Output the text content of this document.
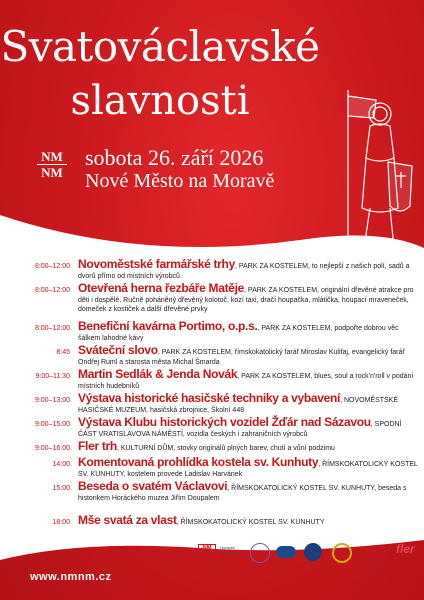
Svatováclavské
slavnosti
NM
NM
sobota 26. září 2026
Nové Město na Moravě
8:00–12:00 Novoměstské farmářské trhy, PARK ZA KOSTELEM, to nejlepší z našich polí, sadů a dvorů přímo od místních výrobců
8:00–12:00 Otevřená herna řezbáře Matěje, PARK ZA KOSTELEM, originální dřevěné atrakce pro děti i dospělé. Ručně poháněný dřevěný kolotoč, kozí taxi, dračí houpačka, mlátička, houpací mraveneček, domeček z kostiček a další dřevěné prvky
8:00–12:00 Benefiční kavárna Portimo, o.p.s., PARK ZA KOSTELEM, podpořte dobrou věc šálkem lahodné kávy
8:45 Sváteční slovo, PARK ZA KOSTELEM, římskokatolický farář Miroslav Kulifaj, evangelický farář Ondřej Ruml a starosta města Michal Šmarda
9:00–11:30 Martin Sedlák & Jenda Novák, PARK ZA KOSTELEM, blues, soul a rock'n'roll v podání místních hudebníků
9:00–13:00 Výstava historické hasičské techniky a vybavení, NOVOMĚSTSKÉ HASIČSKÉ MUZEUM, hasičská zbrojnice, Školní 448
9:00–15:00 Výstava Klubu historických vozidel Žďár nad Sázavou, SPODNÍ ČÁST VRATISLAVOVA NÁMĚSTÍ, vozidla českých i zahraničních výrobců
9:00–16:00 Fler trh, KULTURNÍ DŮM, stovky originálů plných barev, chutí a vůní podzimu
14:00 Komentovaná prohlídka kostela sv. Kunhuty, ŘÍMSKOKATOLICKÝ KOSTEL SV. KUNHUTY, kostelem provede Ladislav Harvánek
15:00 Beseda o svatém Václavovi, ŘÍMSKOKATOLICKÝ KOSTEL SV. KUNHUTY, beseda s historikem Horáckého muzea Jiřím Doupalem
18:00 Mše svatá za vlast, ŘÍMSKOKATOLICKÝ KOSTEL SV. KUNHUTY
NM
NM
Horácké muzeum	~~	fler
www.nmnm.cz
